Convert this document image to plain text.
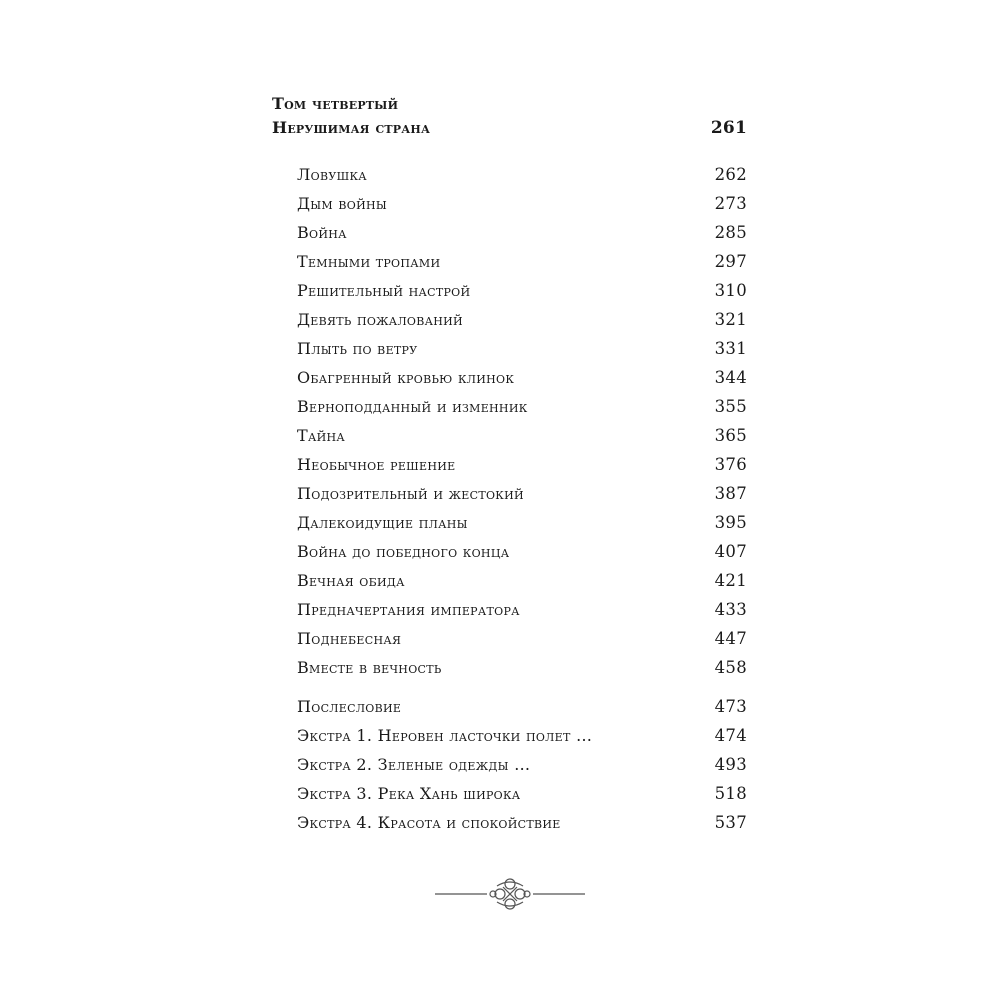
Том четвертый
Нерушимая страна	261
Ловушка	262
Дым войны	273
Война	285
Темными тропами	297
Решительный настрой	310
Девять пожалований	321
Плыть по ветру	331
Обагренный кровью клинок	344
Верноподданный и изменник	355
Тайна	365
Необычное решение	376
Подозрительный и жестокий	387
Далекоидущие планы	395
Война до победного конца	407
Вечная обида	421
Предначертания императора	433
Поднебесная	447
Вместе в вечность	458
Послесловие	473
Экстра 1. Неровен ласточки полет …	474
Экстра 2. Зеленые одежды …	493
Экстра 3. Река Хань широка	518
Экстра 4. Красота и спокойствие	537
